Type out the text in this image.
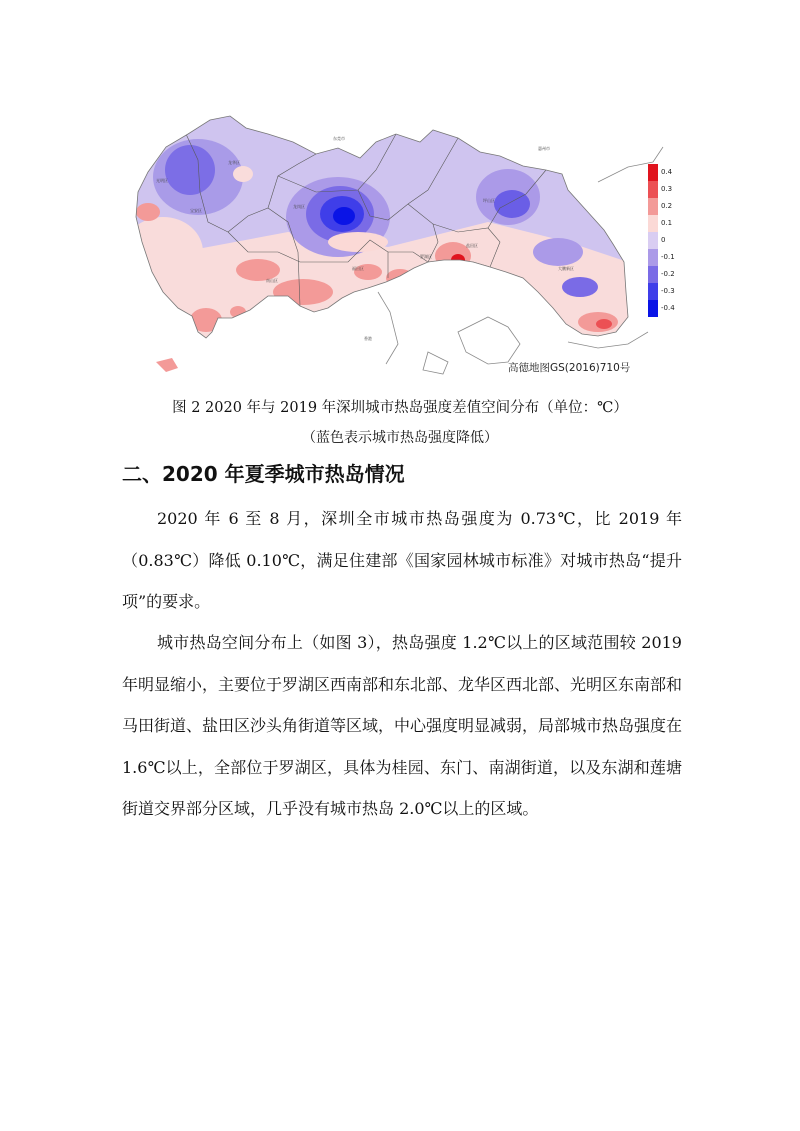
光明区
龙华区
宝安区
龙岗区
东莞市
惠州市
坪山区
大鹏新区
南山区
福田区
罗湖区
盐田区
香港
0.4
0.3
0.2
0.1
0
-0.1
-0.2
-0.3
-0.4
高德地图GS(2016)710号
图 2 2020 年与 2019 年深圳城市热岛强度差值空间分布（单位：℃）
（蓝色表示城市热岛强度降低）
二、2020 年夏季城市热岛情况

2020 年 6 至 8 月，深圳全市城市热岛强度为 0.73℃，比 2019 年（0.83℃）降低 0.10℃，满足住建部《国家园林城市标准》对城市热岛“提升项”的要求。

城市热岛空间分布上（如图 3），热岛强度 1.2℃以上的区域范围较 2019 年明显缩小，主要位于罗湖区西南部和东北部、龙华区西北部、光明区东南部和马田街道、盐田区沙头角街道等区域，中心强度明显减弱，局部城市热岛强度在 1.6℃以上，全部位于罗湖区，具体为桂园、东门、南湖街道，以及东湖和莲塘街道交界部分区域，几乎没有城市热岛 2.0℃以上的区域。
